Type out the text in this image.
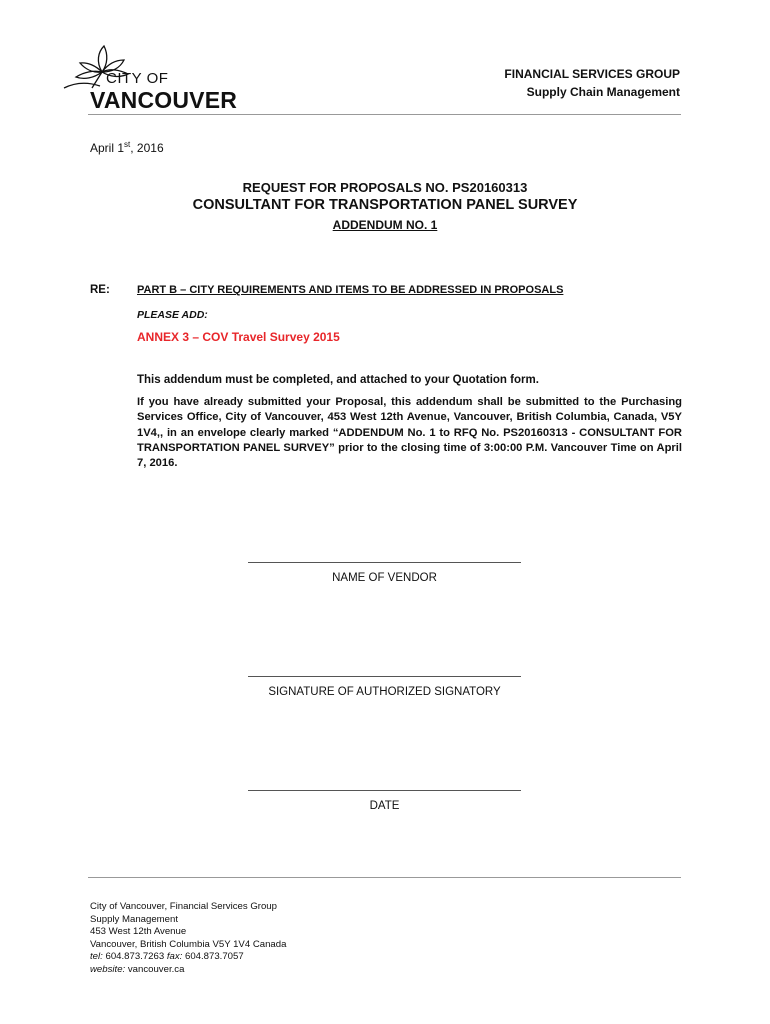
CITY OF
VANCOUVER
FINANCIAL SERVICES GROUP
Supply Chain Management
April 1st, 2016
REQUEST FOR PROPOSALS NO. PS20160313
CONSULTANT FOR TRANSPORTATION PANEL SURVEY
ADDENDUM NO. 1
RE: PART B – CITY REQUIREMENTS AND ITEMS TO BE ADDRESSED IN PROPOSALS
PLEASE ADD:
ANNEX 3 – COV Travel Survey 2015
This addendum must be completed, and attached to your Quotation form.
If you have already submitted your Proposal, this addendum shall be submitted to the Purchasing Services Office, City of Vancouver, 453 West 12th Avenue, Vancouver, British Columbia, Canada, V5Y 1V4,, in an envelope clearly marked “ADDENDUM No. 1 to RFQ No. PS20160313 - CONSULTANT FOR TRANSPORTATION PANEL SURVEY” prior to the closing time of 3:00:00 P.M. Vancouver Time on April 7, 2016.
NAME OF VENDOR
SIGNATURE OF AUTHORIZED SIGNATORY
DATE
City of Vancouver, Financial Services Group
Supply Management
453 West 12th Avenue
Vancouver, British Columbia V5Y 1V4 Canada
tel: 604.873.7263 fax: 604.873.7057
website: vancouver.ca
